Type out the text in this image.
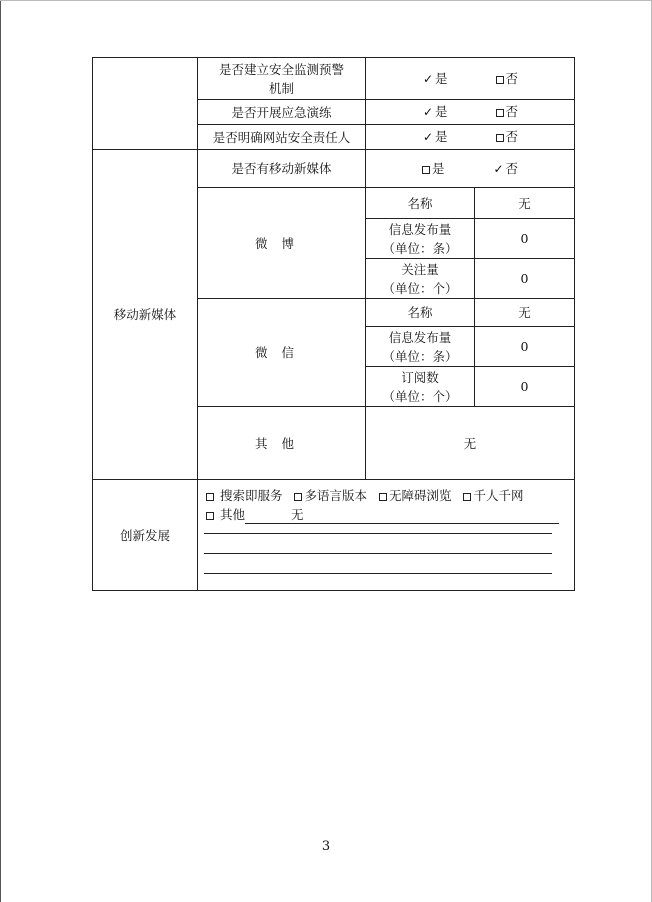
	是否建立安全监测预警
机制	✓ 是 否	
	是否开展应急演练	✓ 是 否	
	是否明确网站安全责任人	✓ 是 否	
移动新媒体	是否有移动新媒体	是 ✓ 否	
	微博	名称	无

		信息发布量
（单位：条）	0

		关注量
（单位：个）	0
	微信	名称	无

		信息发布量
（单位：条）	0

		订阅数
（单位：个）	0
	其他	无	
创新发展	搜索即服务 多语言版本 无障碍浏览 千人千网
其他 无		
3
